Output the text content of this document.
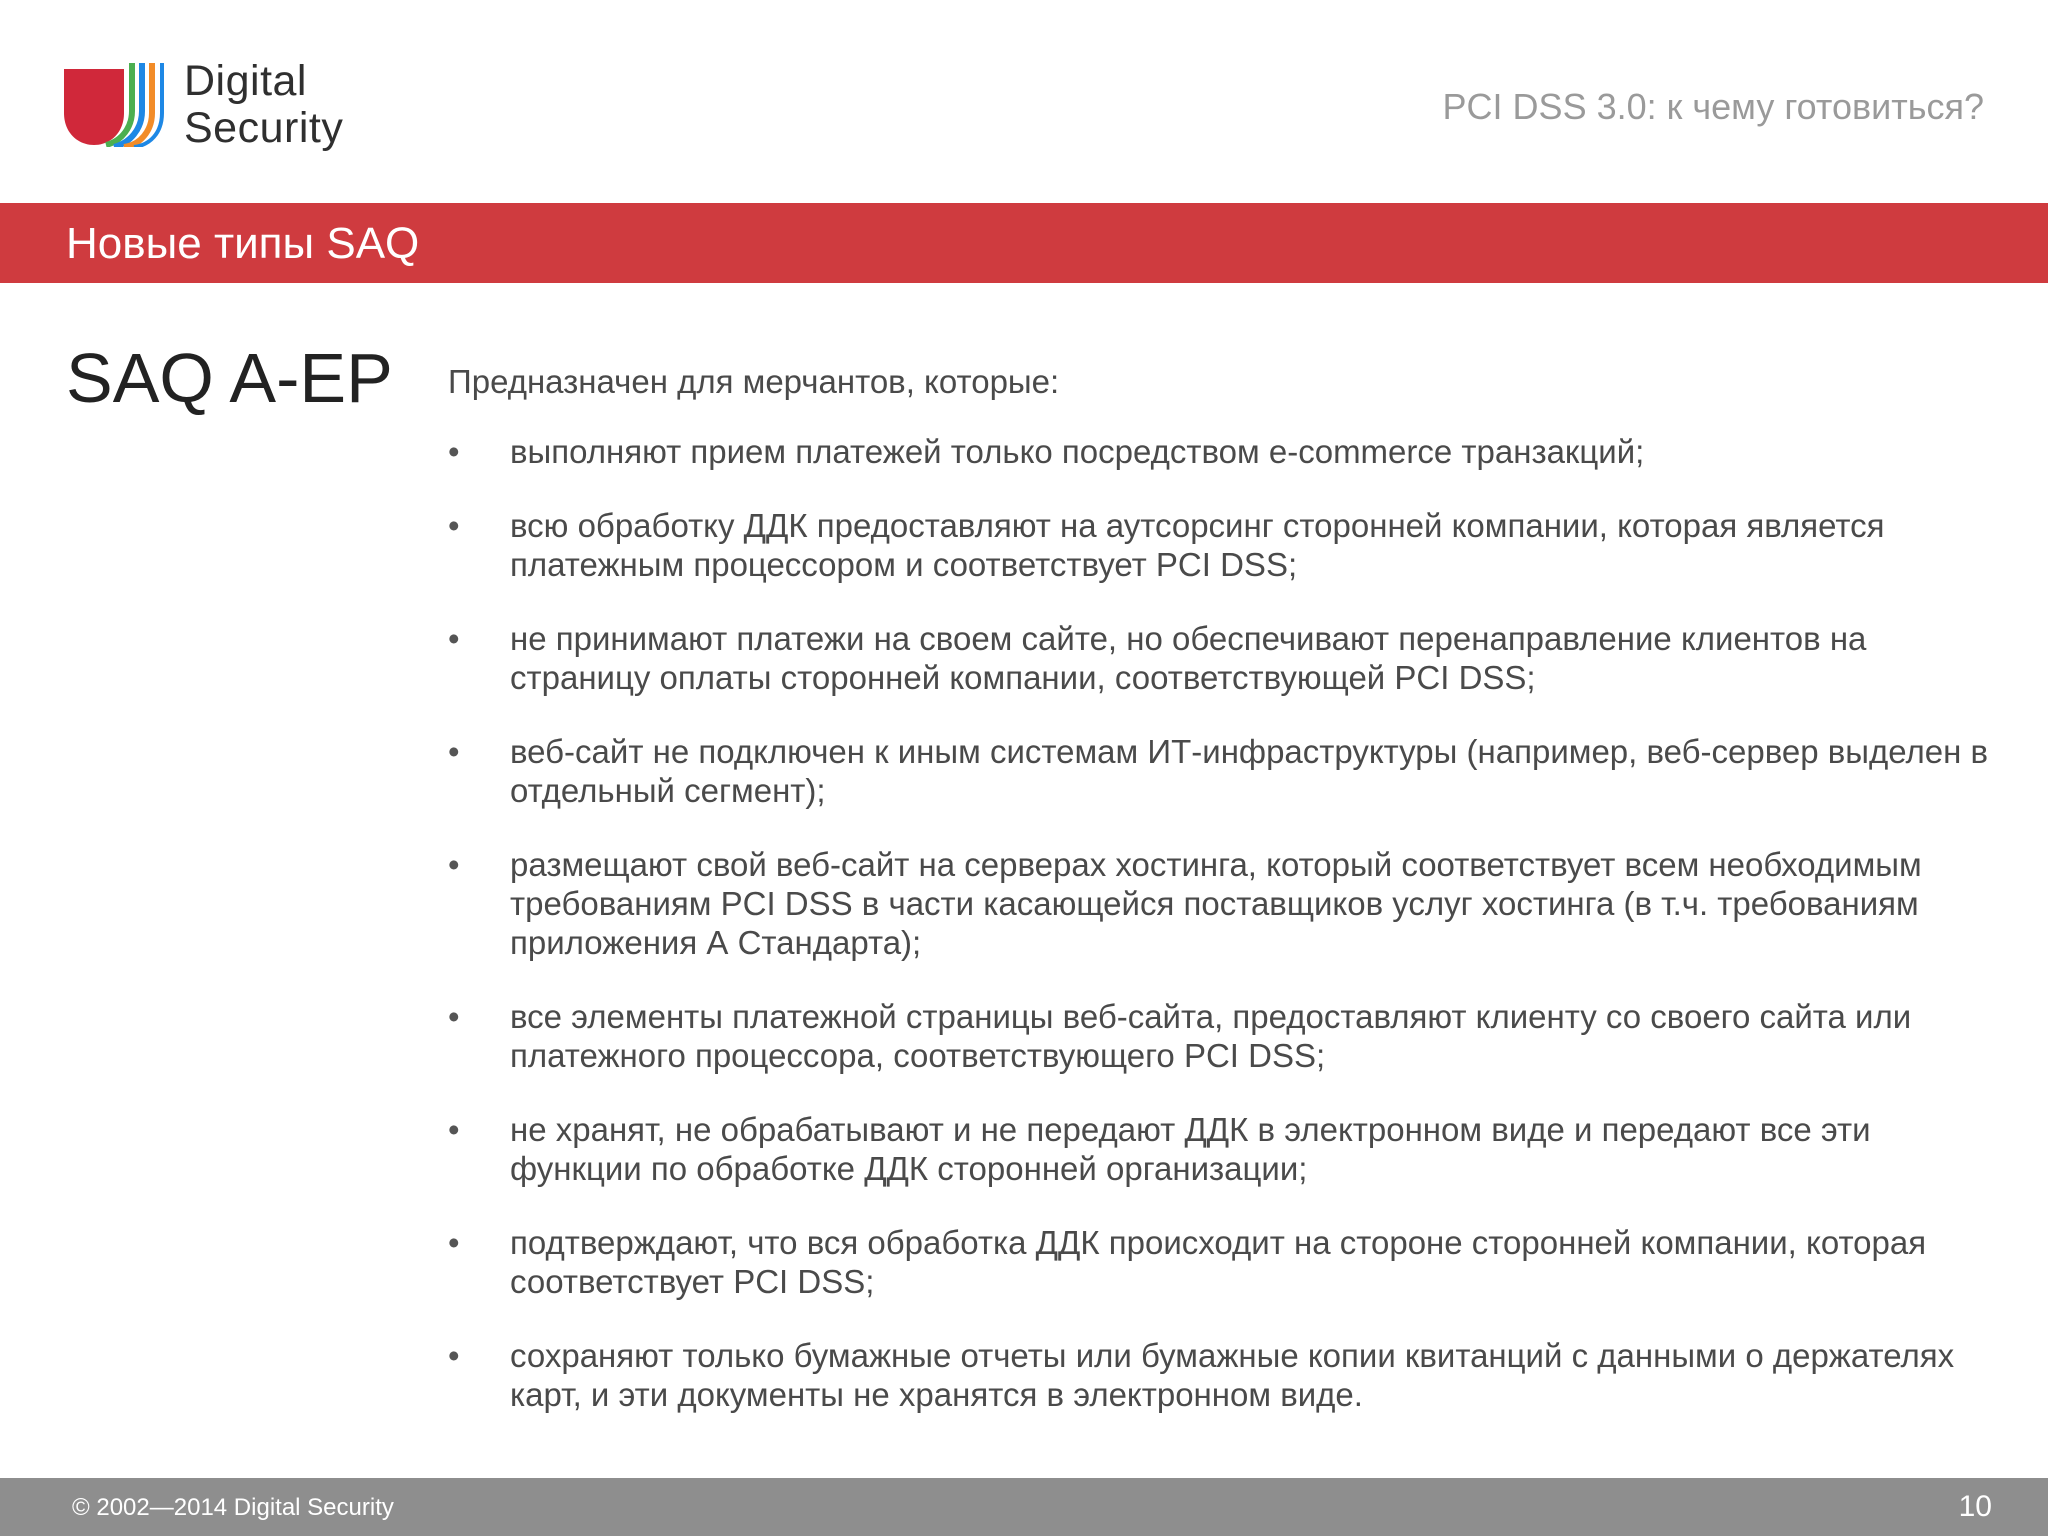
Digital
Security	PCI DSS 3.0: к чему готовиться?
Новые типы SAQ
SAQ A-EP Предназначен для мерчантов, которые:

•	выполняют прием платежей только посредством e-commerce транзакций;
•	всю обработку ДДК предоставляют на аутсорсинг сторонней компании, которая является платежным процессором и соответствует PCI DSS;
•	не принимают платежи на своем сайте, но обеспечивают перенаправление клиентов на страницу оплаты сторонней компании, соответствующей PCI DSS;
•	веб-сайт не подключен к иным системам ИТ-инфраструктуры (например, веб-сервер выделен в отдельный сегмент);
•	размещают свой веб-сайт на серверах хостинга, который соответствует всем необходимым требованиям PCI DSS в части касающейся поставщиков услуг хостинга (в т.ч. требованиям приложения А Стандарта);
•	все элементы платежной страницы веб-сайта, предоставляют клиенту со своего сайта или платежного процессора, соответствующего PCI DSS;
•	не хранят, не обрабатывают и не передают ДДК в электронном виде и передают все эти функции по обработке ДДК сторонней организации;
•	подтверждают, что вся обработка ДДК происходит на стороне сторонней компании, которая соответствует PCI DSS;
•	сохраняют только бумажные отчеты или бумажные копии квитанций с данными о держателях карт, и эти документы не хранятся в электронном виде.
© 2002—2014 Digital Security	10
